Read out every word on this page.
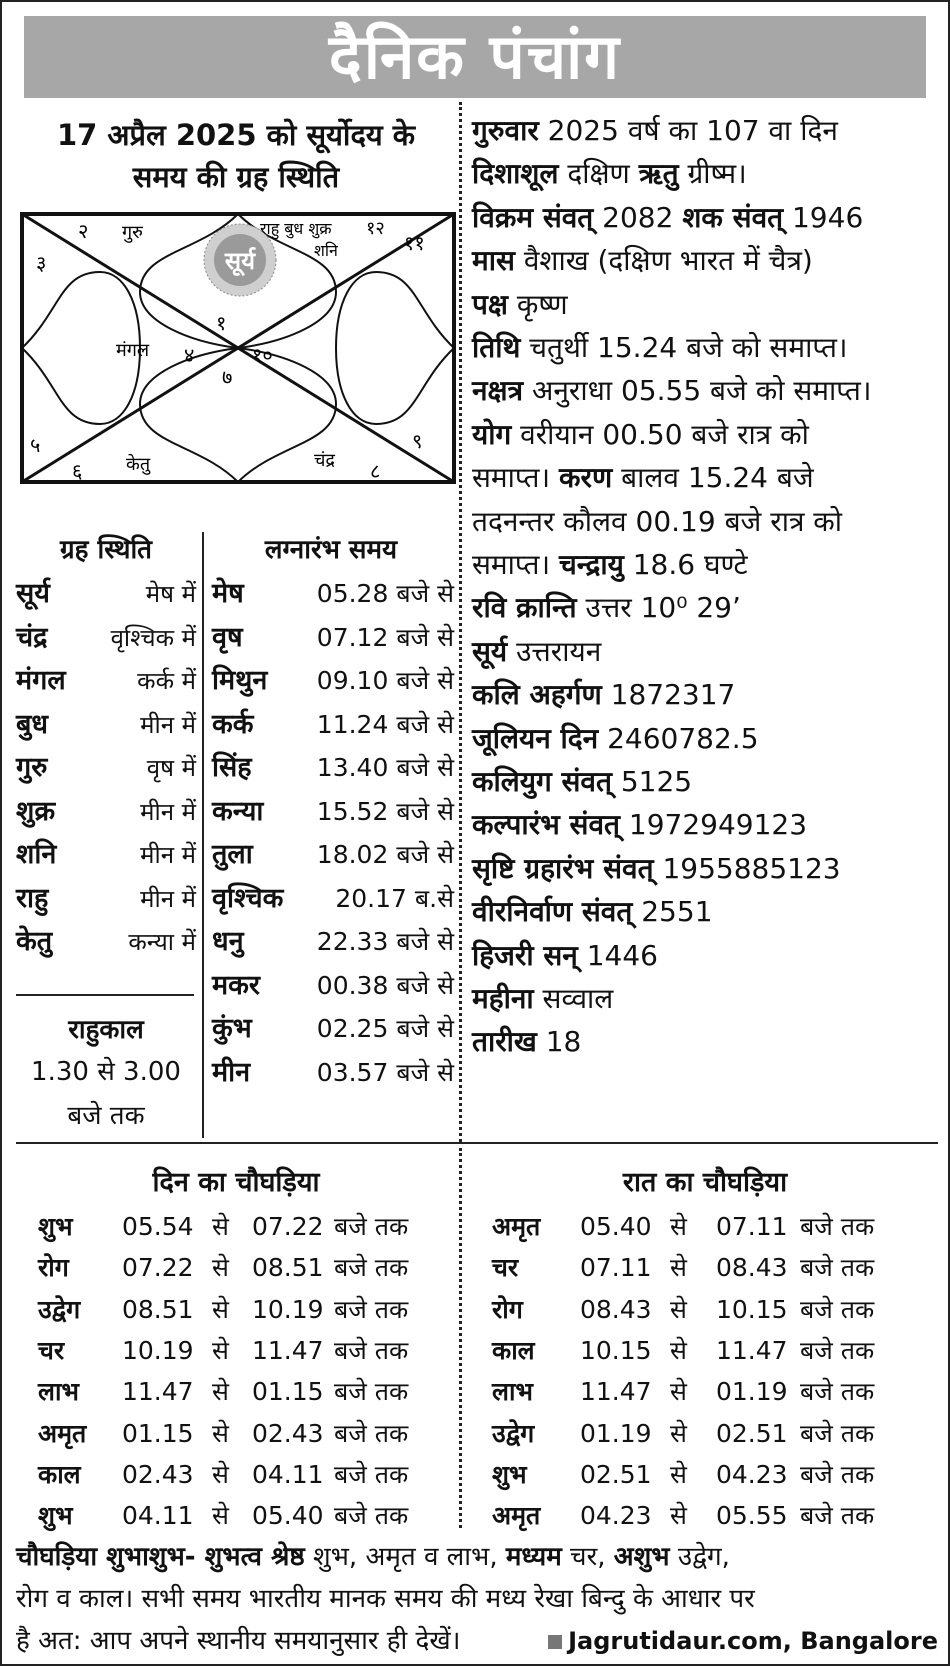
दैनिक पंचांग
17 अप्रैल 2025 को सूर्योदय के
समय की ग्रह स्थिति
सूर्य
२
३
१
४	१०
७
५
६	८
९
११
१२
गुरु	राहु बुध शुक्र
शनि
मंगल
केतु	चंद्र
ग्रह स्थिति
सूर्य	मेष में
चंद्र	वृश्चिक में
मंगल	कर्क में
बुध	मीन में
गुरु	वृष में
शुक्र	मीन में
शनि	मीन में
राहु	मीन में
केतु	कन्या में
राहुकाल
1.30 से 3.00
बजे तक
लग्नारंभ समय
मेष	05.28 बजे से
वृष	07.12 बजे से
मिथुन 09.10 बजे से
कर्क	11.24 बजे से
सिंह	13.40 बजे से
कन्या 15.52 बजे से
तुला	18.02 बजे से
वृश्चिक 20.17 ब.से
धनु	22.33 बजे से
मकर 00.38 बजे से
कुंभ	02.25 बजे से
मीन	03.57 बजे से
गुरुवार 2025 वर्ष का 107 वा दिन
दिशाशूल दक्षिण ऋतु ग्रीष्म।
विक्रम संवत् 2082 शक संवत् 1946
मास वैशाख (दक्षिण भारत में चैत्र)
पक्ष कृष्ण
तिथि चतुर्थी 15.24 बजे को समाप्त।
नक्षत्र अनुराधा 05.55 बजे को समाप्त।
योग वरीयान 00.50 बजे रात्र को
समाप्त। करण बालव 15.24 बजे
तदनन्तर कौलव 00.19 बजे रात्र को
समाप्त। चन्द्रायु 18.6 घण्टे
रवि क्रान्ति उत्तर 10⁰ 29’
सूर्य उत्तरायन
कलि अहर्गण 1872317
जूलियन दिन 2460782.5
कलियुग संवत् 5125
कल्पारंभ संवत् 1972949123
सृष्टि ग्रहारंभ संवत् 1955885123
वीरनिर्वाण संवत् 2551
हिजरी सन् 1446
महीना सव्वाल
तारीख 18
दिन का चौघड़िया
शुभ 05.54 से 07.22 बजे तक
रोग 07.22 से 08.51 बजे तक
उद्वेग 08.51 से 10.19 बजे तक
चर 10.19 से 11.47 बजे तक
लाभ 11.47 से 01.15 बजे तक
अमृत 01.15 से 02.43 बजे तक
काल 02.43 से 04.11 बजे तक
शुभ 04.11 से 05.40 बजे तक
रात का चौघड़िया
अमृत 05.40 से 07.11 बजे तक
चर 07.11 से 08.43 बजे तक
रोग 08.43 से 10.15 बजे तक
काल 10.15 से 11.47 बजे तक
लाभ 11.47 से 01.19 बजे तक
उद्वेग 01.19 से 02.51 बजे तक
शुभ 02.51 से 04.23 बजे तक
अमृत 04.23 से 05.55 बजे तक
चौघड़िया शुभाशुभ- शुभत्व श्रेष्ठ शुभ, अमृत व लाभ, मध्यम चर, अशुभ उद्वेग,
रोग व काल। सभी समय भारतीय मानक समय की मध्य रेखा बिन्दु के आधार पर
है अत: आप अपने स्थानीय समयानुसार ही देखें।	Jagrutidaur.com, Bangalore
